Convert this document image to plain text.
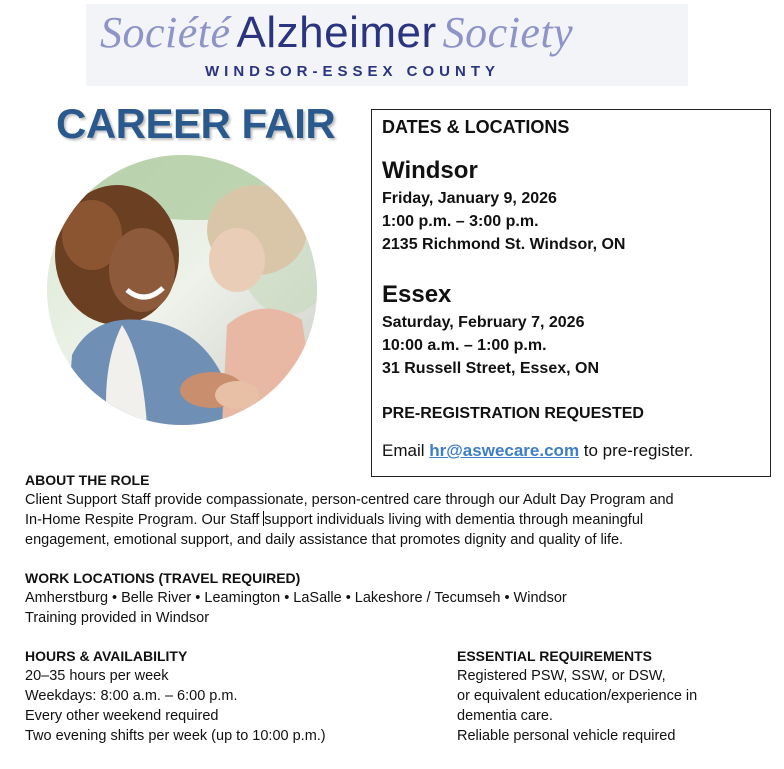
Société Alzheimer Society
WINDSOR-ESSEX COUNTY
CAREER FAIR	DATES & LOCATIONS
Windsor
Friday, January 9, 2026
1:00 p.m. – 3:00 p.m.
2135 Richmond St. Windsor, ON
Essex
Saturday, February 7, 2026
10:00 a.m. – 1:00 p.m.
31 Russell Street, Essex, ON
PRE-REGISTRATION REQUESTED
Email hr@aswecare.com to pre-register.
ABOUT THE ROLE
Client Support Staff provide compassionate, person-centred care through our Adult Day Program and
In-Home Respite Program. Our Staff support individuals living with dementia through meaningful
engagement, emotional support, and daily assistance that promotes dignity and quality of life.
WORK LOCATIONS (TRAVEL REQUIRED)
Amherstburg • Belle River • Leamington • LaSalle • Lakeshore / Tecumseh • Windsor
Training provided in Windsor
HOURS & AVAILABILITY
20–35 hours per week
Weekdays: 8:00 a.m. – 6:00 p.m.
Every other weekend required
Two evening shifts per week (up to 10:00 p.m.)
ESSENTIAL REQUIREMENTS
Registered PSW, SSW, or DSW,
or equivalent education/experience in
dementia care.
Reliable personal vehicle required
